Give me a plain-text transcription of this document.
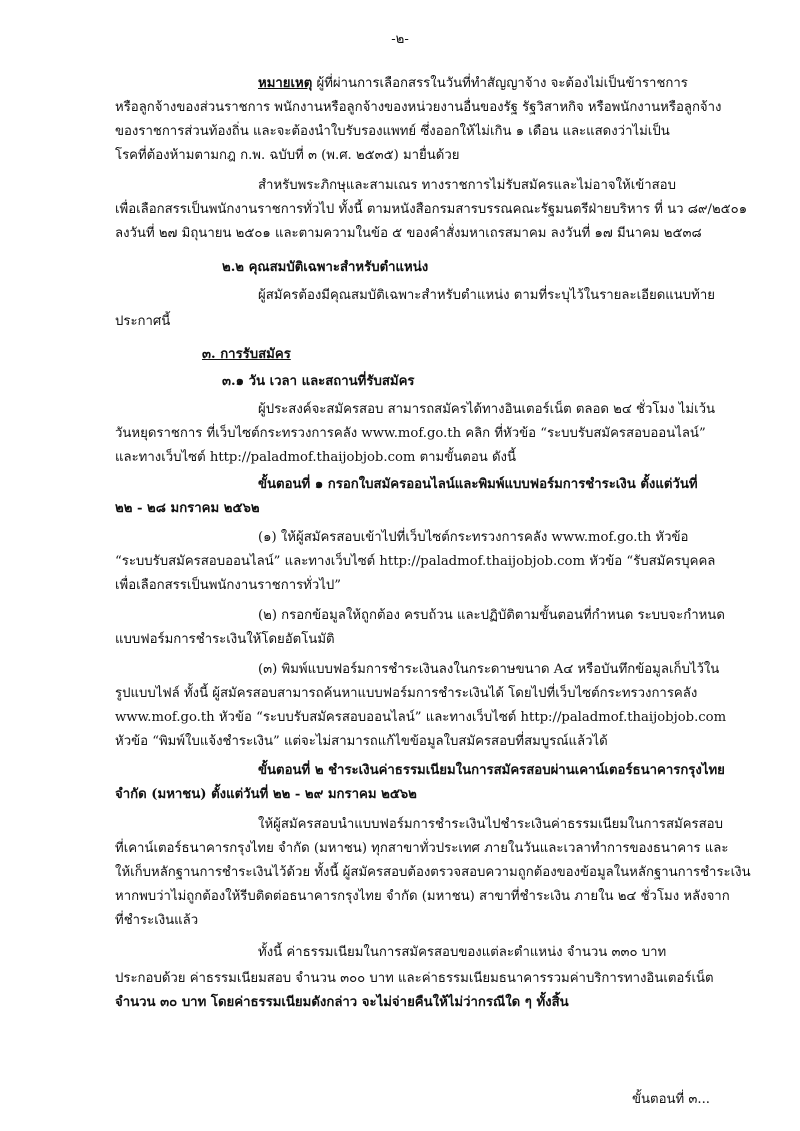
-๒-
หมายเหตุ ผู้ที่ผ่านการเลือกสรรในวันที่ทำสัญญาจ้าง จะต้องไม่เป็นข้าราชการ
หรือลูกจ้างของส่วนราชการ พนักงานหรือลูกจ้างของหน่วยงานอื่นของรัฐ รัฐวิสาหกิจ หรือพนักงานหรือลูกจ้าง
ของราชการส่วนท้องถิ่น และจะต้องนำใบรับรองแพทย์ ซึ่งออกให้ไม่เกิน ๑ เดือน และแสดงว่าไม่เป็น
โรคที่ต้องห้ามตามกฎ ก.พ. ฉบับที่ ๓ (พ.ศ. ๒๕๓๕) มายื่นด้วย
สำหรับพระภิกษุและสามเณร ทางราชการไม่รับสมัครและไม่อาจให้เข้าสอบ
เพื่อเลือกสรรเป็นพนักงานราชการทั่วไป ทั้งนี้ ตามหนังสือกรมสารบรรณคณะรัฐมนตรีฝ่ายบริหาร ที่ นว ๘๙/๒๕๐๑
ลงวันที่ ๒๗ มิถุนายน ๒๕๐๑ และตามความในข้อ ๕ ของคำสั่งมหาเถรสมาคม ลงวันที่ ๑๗ มีนาคม ๒๕๓๘
๒.๒ คุณสมบัติเฉพาะสำหรับตำแหน่ง
ผู้สมัครต้องมีคุณสมบัติเฉพาะสำหรับตำแหน่ง ตามที่ระบุไว้ในรายละเอียดแนบท้าย
ประกาศนี้
๓. การรับสมัคร
๓.๑ วัน เวลา และสถานที่รับสมัคร
ผู้ประสงค์จะสมัครสอบ สามารถสมัครได้ทางอินเตอร์เน็ต ตลอด ๒๔ ชั่วโมง ไม่เว้น
วันหยุดราชการ ที่เว็บไซต์กระทรวงการคลัง www.mof.go.th คลิก ที่หัวข้อ “ระบบรับสมัครสอบออนไลน์”
และทางเว็บไซต์ http://paladmof.thaijobjob.com ตามขั้นตอน ดังนี้
ขั้นตอนที่ ๑ กรอกใบสมัครออนไลน์และพิมพ์แบบฟอร์มการชำระเงิน ตั้งแต่วันที่
๒๒ - ๒๘ มกราคม ๒๕๖๒
(๑) ให้ผู้สมัครสอบเข้าไปที่เว็บไซต์กระทรวงการคลัง www.mof.go.th หัวข้อ
“ระบบรับสมัครสอบออนไลน์” และทางเว็บไซต์ http://paladmof.thaijobjob.com หัวข้อ “รับสมัครบุคคล
เพื่อเลือกสรรเป็นพนักงานราชการทั่วไป”
(๒) กรอกข้อมูลให้ถูกต้อง ครบถ้วน และปฏิบัติตามขั้นตอนที่กำหนด ระบบจะกำหนด
แบบฟอร์มการชำระเงินให้โดยอัตโนมัติ
(๓) พิมพ์แบบฟอร์มการชำระเงินลงในกระดาษขนาด A๔ หรือบันทึกข้อมูลเก็บไว้ใน
รูปแบบไฟล์ ทั้งนี้ ผู้สมัครสอบสามารถค้นหาแบบฟอร์มการชำระเงินได้ โดยไปที่เว็บไซต์กระทรวงการคลัง
www.mof.go.th หัวข้อ “ระบบรับสมัครสอบออนไลน์” และทางเว็บไซต์ http://paladmof.thaijobjob.com
หัวข้อ “พิมพ์ใบแจ้งชำระเงิน” แต่จะไม่สามารถแก้ไขข้อมูลใบสมัครสอบที่สมบูรณ์แล้วได้
ขั้นตอนที่ ๒ ชำระเงินค่าธรรมเนียมในการสมัครสอบผ่านเคาน์เตอร์ธนาคารกรุงไทย
จำกัด (มหาชน) ตั้งแต่วันที่ ๒๒ - ๒๙ มกราคม ๒๕๖๒
ให้ผู้สมัครสอบนำแบบฟอร์มการชำระเงินไปชำระเงินค่าธรรมเนียมในการสมัครสอบ
ที่เคาน์เตอร์ธนาคารกรุงไทย จำกัด (มหาชน) ทุกสาขาทั่วประเทศ ภายในวันและเวลาทำการของธนาคาร และ
ให้เก็บหลักฐานการชำระเงินไว้ด้วย ทั้งนี้ ผู้สมัครสอบต้องตรวจสอบความถูกต้องของข้อมูลในหลักฐานการชำระเงิน
หากพบว่าไม่ถูกต้องให้รีบติดต่อธนาคารกรุงไทย จำกัด (มหาชน) สาขาที่ชำระเงิน ภายใน ๒๔ ชั่วโมง หลังจาก
ที่ชำระเงินแล้ว
ทั้งนี้ ค่าธรรมเนียมในการสมัครสอบของแต่ละตำแหน่ง จำนวน ๓๓๐ บาท
ประกอบด้วย ค่าธรรมเนียมสอบ จำนวน ๓๐๐ บาท และค่าธรรมเนียมธนาคารรวมค่าบริการทางอินเตอร์เน็ต
จำนวน ๓๐ บาท โดยค่าธรรมเนียมดังกล่าว จะไม่จ่ายคืนให้ไม่ว่ากรณีใด ๆ ทั้งสิ้น
ขั้นตอนที่ ๓...
